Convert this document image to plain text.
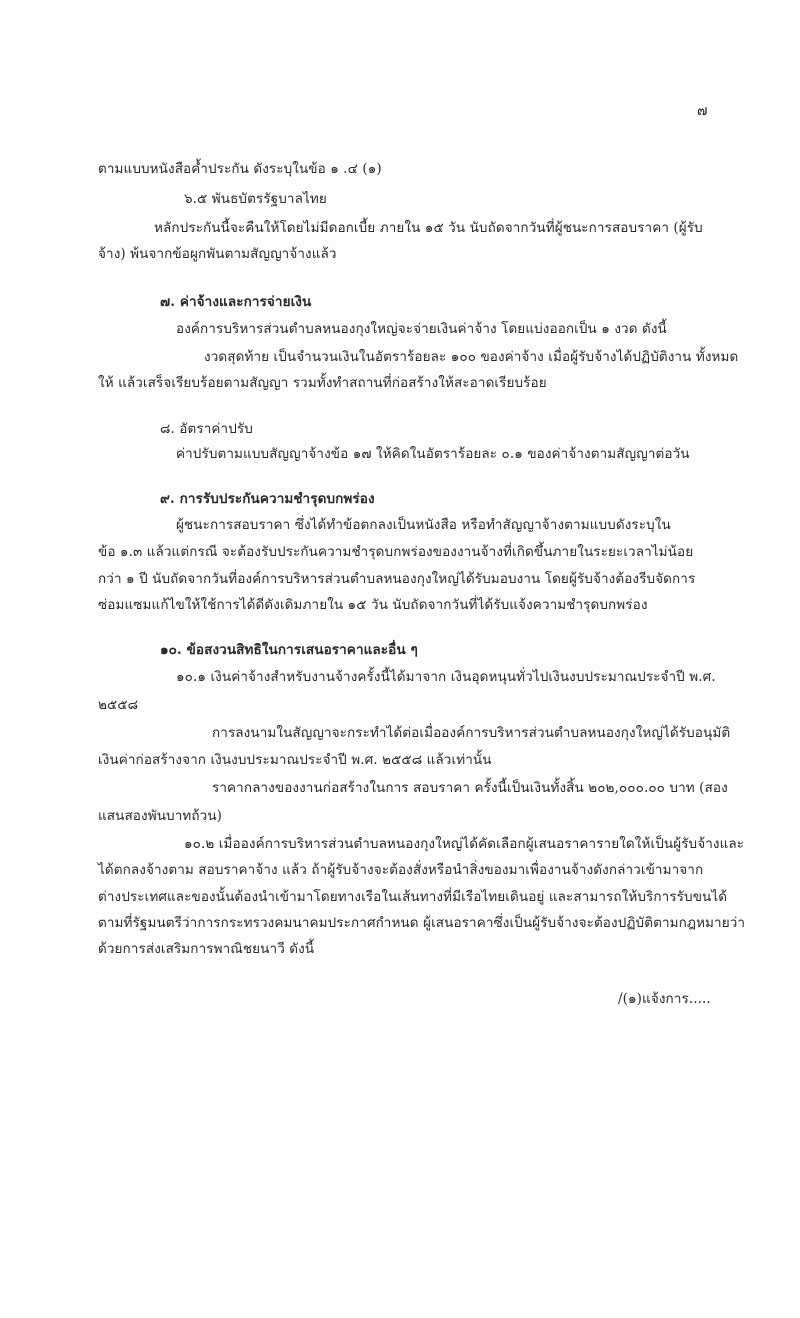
๗
ตามแบบหนังสือค้ำประกัน ดังระบุในข้อ ๑ .๔ (๑)
๖.๕ พันธบัตรรัฐบาลไทย
หลักประกันนี้จะคืนให้โดยไม่มีดอกเบี้ย ภายใน ๑๕ วัน นับถัดจากวันที่ผู้ชนะการสอบราคา (ผู้รับ
จ้าง) พ้นจากข้อผูกพันตามสัญญาจ้างแล้ว
๗. ค่าจ้างและการจ่ายเงิน
องค์การบริหารส่วนตำบลหนองกุงใหญ่จะจ่ายเงินค่าจ้าง โดยแบ่งออกเป็น ๑ งวด ดังนี้
งวดสุดท้าย เป็นจำนวนเงินในอัตราร้อยละ ๑๐๐ ของค่าจ้าง เมื่อผู้รับจ้างได้ปฏิบัติงาน ทั้งหมด
ให้ แล้วเสร็จเรียบร้อยตามสัญญา รวมทั้งทำสถานที่ก่อสร้างให้สะอาดเรียบร้อย
๘. อัตราค่าปรับ
ค่าปรับตามแบบสัญญาจ้างข้อ ๑๗ ให้คิดในอัตราร้อยละ ๐.๑ ของค่าจ้างตามสัญญาต่อวัน
๙. การรับประกันความชำรุดบกพร่อง
ผู้ชนะการสอบราคา ซึ่งได้ทำข้อตกลงเป็นหนังสือ หรือทำสัญญาจ้างตามแบบดังระบุใน
ข้อ ๑.๓ แล้วแต่กรณี จะต้องรับประกันความชำรุดบกพร่องของงานจ้างที่เกิดขึ้นภายในระยะเวลาไม่น้อย
กว่า ๑ ปี นับถัดจากวันที่องค์การบริหารส่วนตำบลหนองกุงใหญ่ได้รับมอบงาน โดยผู้รับจ้างต้องรีบจัดการ
ซ่อมแซมแก้ไขให้ใช้การได้ดีดังเดิมภายใน ๑๕ วัน นับถัดจากวันที่ได้รับแจ้งความชำรุดบกพร่อง
๑๐. ข้อสงวนสิทธิในการเสนอราคาและอื่น ๆ
๑๐.๑ เงินค่าจ้างสำหรับงานจ้างครั้งนี้ได้มาจาก เงินอุดหนุนทั่วไปเงินงบประมาณประจำปี พ.ศ.
๒๕๕๘
การลงนามในสัญญาจะกระทำได้ต่อเมื่อองค์การบริหารส่วนตำบลหนองกุงใหญ่ได้รับอนุมัติ
เงินค่าก่อสร้างจาก เงินงบประมาณประจำปี พ.ศ. ๒๕๕๘ แล้วเท่านั้น
ราคากลางของงานก่อสร้างในการ สอบราคา ครั้งนี้เป็นเงินทั้งสิ้น ๒๐๒,๐๐๐.๐๐ บาท (สอง
แสนสองพันบาทถ้วน)
๑๐.๒ เมื่อองค์การบริหารส่วนตำบลหนองกุงใหญ่ได้คัดเลือกผู้เสนอราคารายใดให้เป็นผู้รับจ้างและ
ได้ตกลงจ้างตาม สอบราคาจ้าง แล้ว ถ้าผู้รับจ้างจะต้องสั่งหรือนำสิ่งของมาเพื่องานจ้างดังกล่าวเข้ามาจาก
ต่างประเทศและของนั้นต้องนำเข้ามาโดยทางเรือในเส้นทางที่มีเรือไทยเดินอยู่ และสามารถให้บริการรับขนได้
ตามที่รัฐมนตรีว่าการกระทรวงคมนาคมประกาศกำหนด ผู้เสนอราคาซึ่งเป็นผู้รับจ้างจะต้องปฏิบัติตามกฎหมายว่า
ด้วยการส่งเสริมการพาณิชยนาวี ดังนี้
/(๑)แจ้งการ.....
